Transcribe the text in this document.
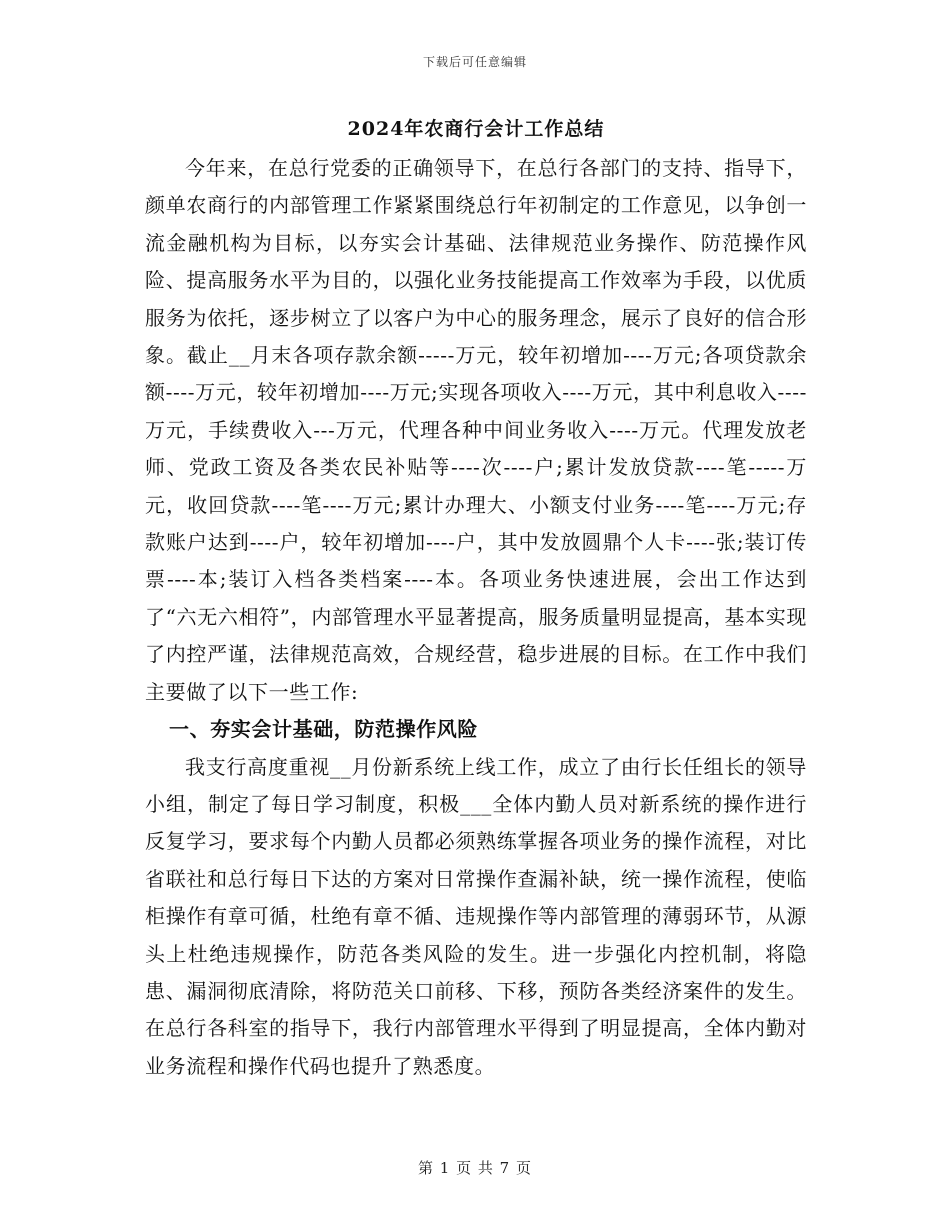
下载后可任意编辑
2024年农商行会计工作总结

今年来，在总行党委的正确领导下，在总行各部门的支持、指导下，颜单农商行的内部管理工作紧紧围绕总行年初制定的工作意见，以争创一流金融机构为目标，以夯实会计基础、法律规范业务操作、防范操作风险、提高服务水平为目的，以强化业务技能提高工作效率为手段，以优质服务为依托，逐步树立了以客户为中心的服务理念，展示了良好的信合形象。截止__月末各项存款余额-----万元，较年初增加----万元;各项贷款余额----万元，较年初增加----万元;实现各项收入----万元，其中利息收入----万元，手续费收入---万元，代理各种中间业务收入----万元。代理发放老师、党政工资及各类农民补贴等----次----户;累计发放贷款----笔-----万元，收回贷款----笔----万元;累计办理大、小额支付业务----笔----万元;存款账户达到----户，较年初增加----户，其中发放圆鼎个人卡----张;装订传票----本;装订入档各类档案----本。各项业务快速进展，会出工作达到了“六无六相符”，内部管理水平显著提高，服务质量明显提高，基本实现了内控严谨，法律规范高效，合规经营，稳步进展的目标。在工作中我们主要做了以下一些工作:

一、夯实会计基础，防范操作风险

我支行高度重视__月份新系统上线工作，成立了由行长任组长的领导小组，制定了每日学习制度，积极___全体内勤人员对新系统的操作进行反复学习，要求每个内勤人员都必须熟练掌握各项业务的操作流程，对比省联社和总行每日下达的方案对日常操作查漏补缺，统一操作流程，使临柜操作有章可循，杜绝有章不循、违规操作等内部管理的薄弱环节，从源头上杜绝违规操作，防范各类风险的发生。进一步强化内控机制，将隐患、漏洞彻底清除，将防范关口前移、下移，预防各类经济案件的发生。在总行各科室的指导下，我行内部管理水平得到了明显提高，全体内勤对业务流程和操作代码也提升了熟悉度。

第 1 页 共 7 页
